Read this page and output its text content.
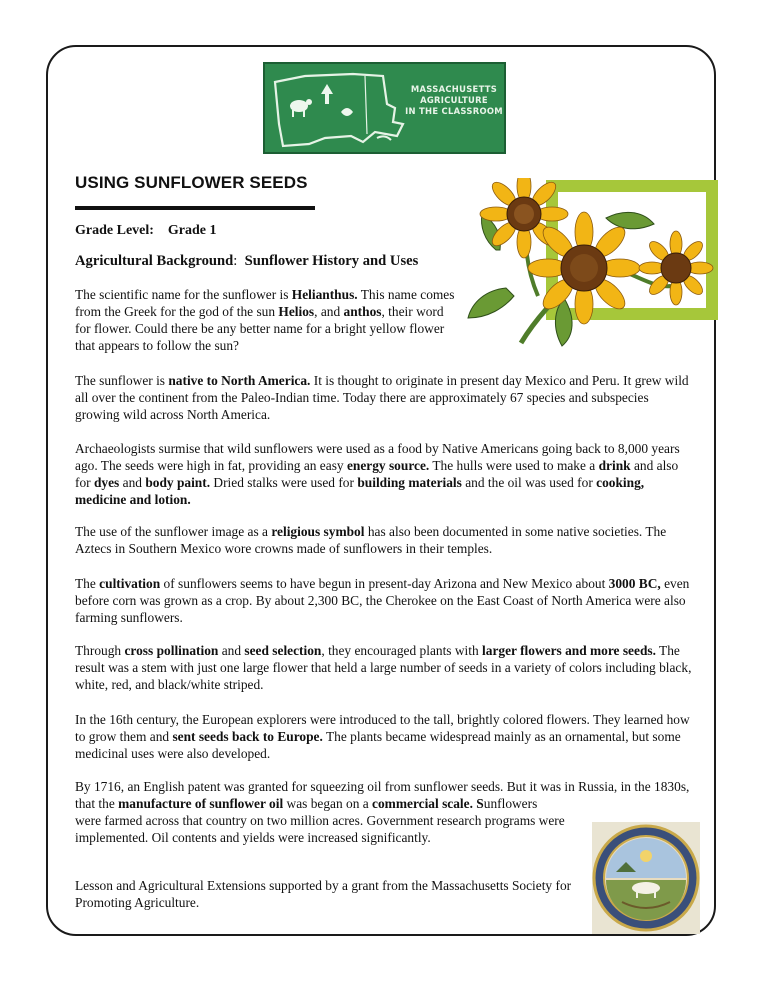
MASSACHUSETTS
AGRICULTURE
IN THE CLASSROOM
USING SUNFLOWER SEEDS
Grade Level: Grade 1
Agricultural Background: Sunflower History and Uses

The scientific name for the sunflower is Helianthus. This name comes from the Greek for the god of the sun Helios, and anthos, their word for flower. Could there be any better name for a bright yellow flower that appears to follow the sun?

The sunflower is native to North America. It is thought to originate in present day Mexico and Peru. It grew wild all over the continent from the Paleo-Indian time. Today there are approximately 67 species and subspecies growing wild across North America.

Archaeologists surmise that wild sunflowers were used as a food by Native Americans going back to 8,000 years ago. The seeds were high in fat, providing an easy energy source. The hulls were used to make a drink and also for dyes and body paint. Dried stalks were used for building materials and the oil was used for cooking, medicine and lotion.

The use of the sunflower image as a religious symbol has also been documented in some native societies. The Aztecs in Southern Mexico wore crowns made of sunflowers in their temples.

The cultivation of sunflowers seems to have begun in present-day Arizona and New Mexico about 3000 BC, even before corn was grown as a crop. By about 2,300 BC, the Cherokee on the East Coast of North America were also farming sunflowers.

Through cross pollination and seed selection, they encouraged plants with larger flowers and more seeds. The result was a stem with just one large flower that held a large number of seeds in a variety of colors including black, white, red, and black/white striped.

In the 16th century, the European explorers were introduced to the tall, brightly colored flowers. They learned how to grow them and sent seeds back to Europe. The plants became widespread mainly as an ornamental, but some medicinal uses were also developed.

By 1716, an English patent was granted for squeezing oil from sunflower seeds. But it was in Russia, in the 1830s, that the manufacture of sunflower oil was began on a commercial scale. Sunflowers
were farmed across that country on two million acres. Government research programs were implemented. Oil contents and yields were increased significantly.

Lesson and Agricultural Extensions supported by a grant from the Massachusetts Society for Promoting Agriculture.
